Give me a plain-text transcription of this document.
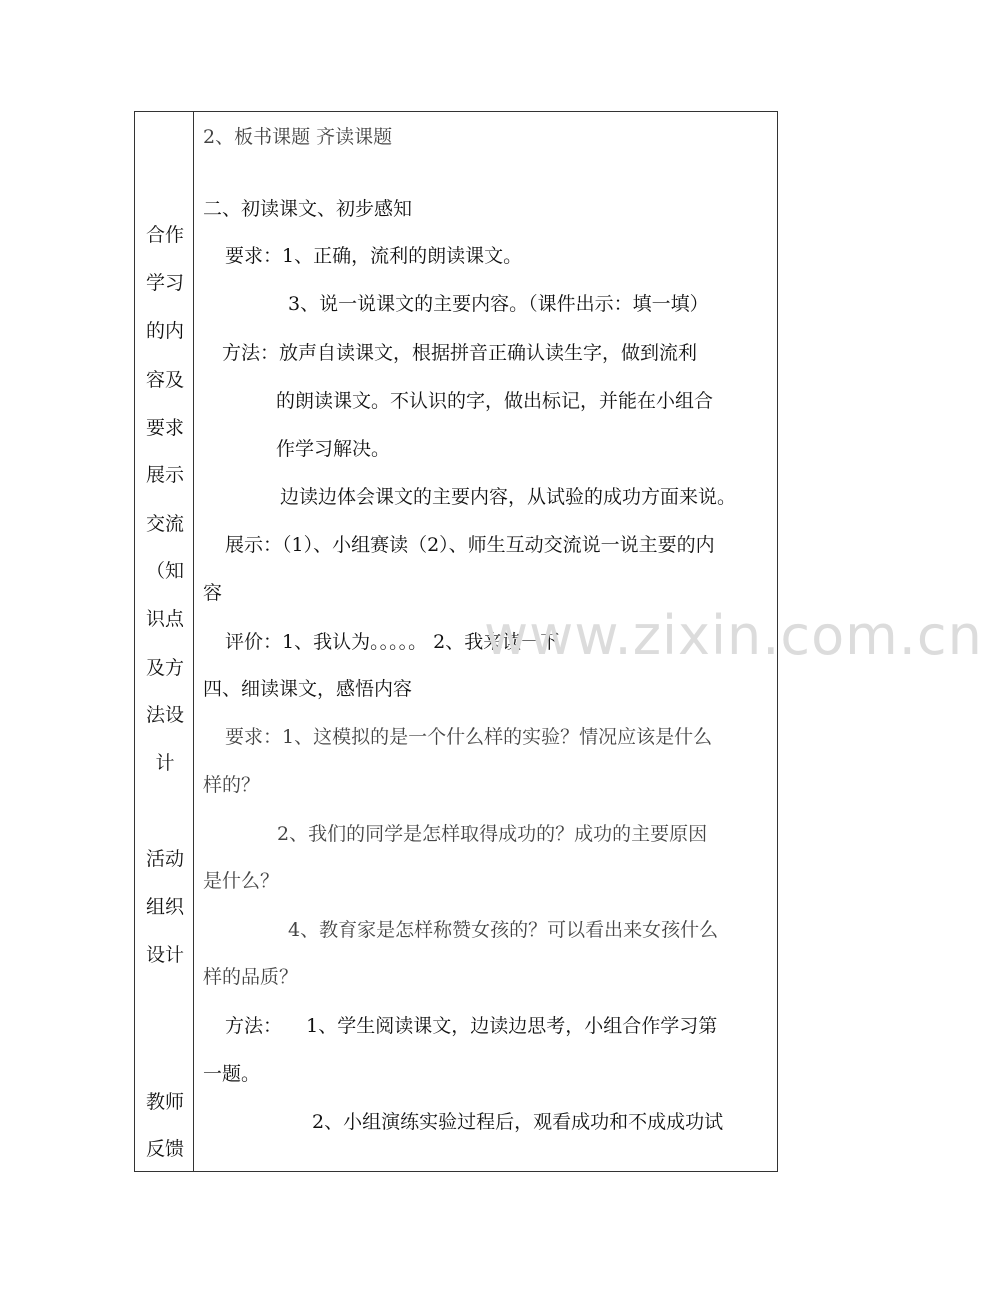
合作
学习
的内
容及
要求
展示
交流
（知
识点
及方
法设
计
活动
组织
设计
教师
反馈
2、板书课题 齐读课题
二、初读课文、初步感知
要求：1、正确，流利的朗读课文。
3、说一说课文的主要内容。（课件出示：填一填）
方法：放声自读课文，根据拼音正确认读生字，做到流利
的朗读课文。不认识的字，做出标记，并能在小组合
作学习解决。
边读边体会课文的主要内容，从试验的成功方面来说。
展示：（1）、小组赛读（2）、师生互动交流说一说主要的内
容
评价：1、我认为。。。。。 2、我来读一下
四、细读课文，感悟内容
要求：1、这模拟的是一个什么样的实验？情况应该是什么
样的？
2、我们的同学是怎样取得成功的？成功的主要原因
是什么？
4、教育家是怎样称赞女孩的？可以看出来女孩什么
样的品质？
方法：    1、学生阅读课文，边读边思考，小组合作学习第
一题。
2、小组演练实验过程后，观看成功和不成成功试
www.zixin.com.cn
